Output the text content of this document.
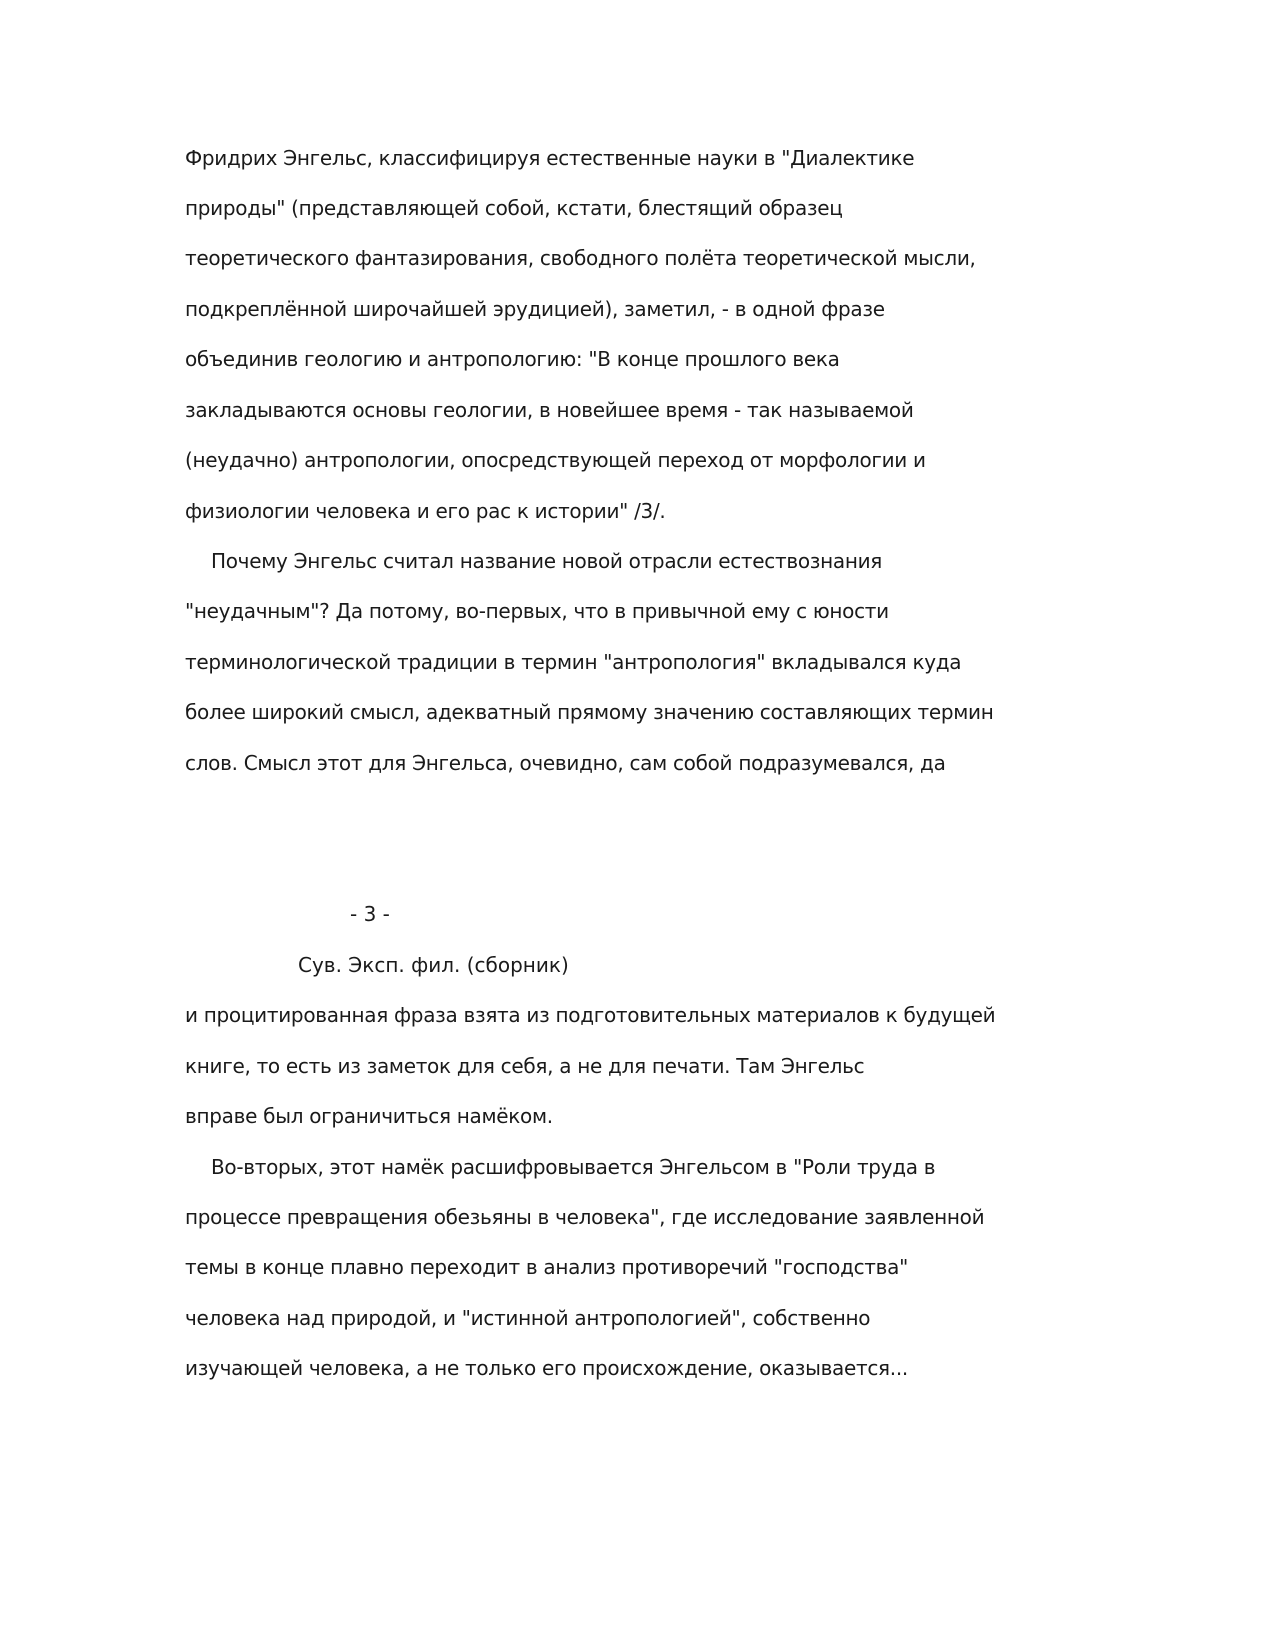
Фридрих Энгельс, классифицируя естественные науки в "Диалектике
природы" (представляющей собой, кстати, блестящий образец
теоретического фантазирования, свободного полёта теоретической мысли,
подкреплённой широчайшей эрудицией), заметил, - в одной фразе
объединив геологию и антропологию: "В конце прошлого века
закладываются основы геологии, в новейшее время - так называемой
(неудачно) антропологии, опосредствующей переход от морфологии и
физиологии человека и его рас к истории" /3/.
Почему Энгельс считал название новой отрасли естествознания
"неудачным"? Да потому, во-первых, что в привычной ему с юности
терминологической традиции в термин "антропология" вкладывался куда
более широкий смысл, адекватный прямому значению составляющих термин
слов. Смысл этот для Энгельса, очевидно, сам собой подразумевался, да
- 3 -
Сув. Эксп. фил. (сборник)
и процитированная фраза взята из подготовительных материалов к будущей
книге, то есть из заметок для себя, а не для печати. Там Энгельс
вправе был ограничиться намёком.
Во-вторых, этот намёк расшифровывается Энгельсом в "Роли труда в
процессе превращения обезьяны в человека", где исследование заявленной
темы в конце плавно переходит в анализ противоречий "господства"
человека над природой, и "истинной антропологией", собственно
изучающей человека, а не только его происхождение, оказывается...
